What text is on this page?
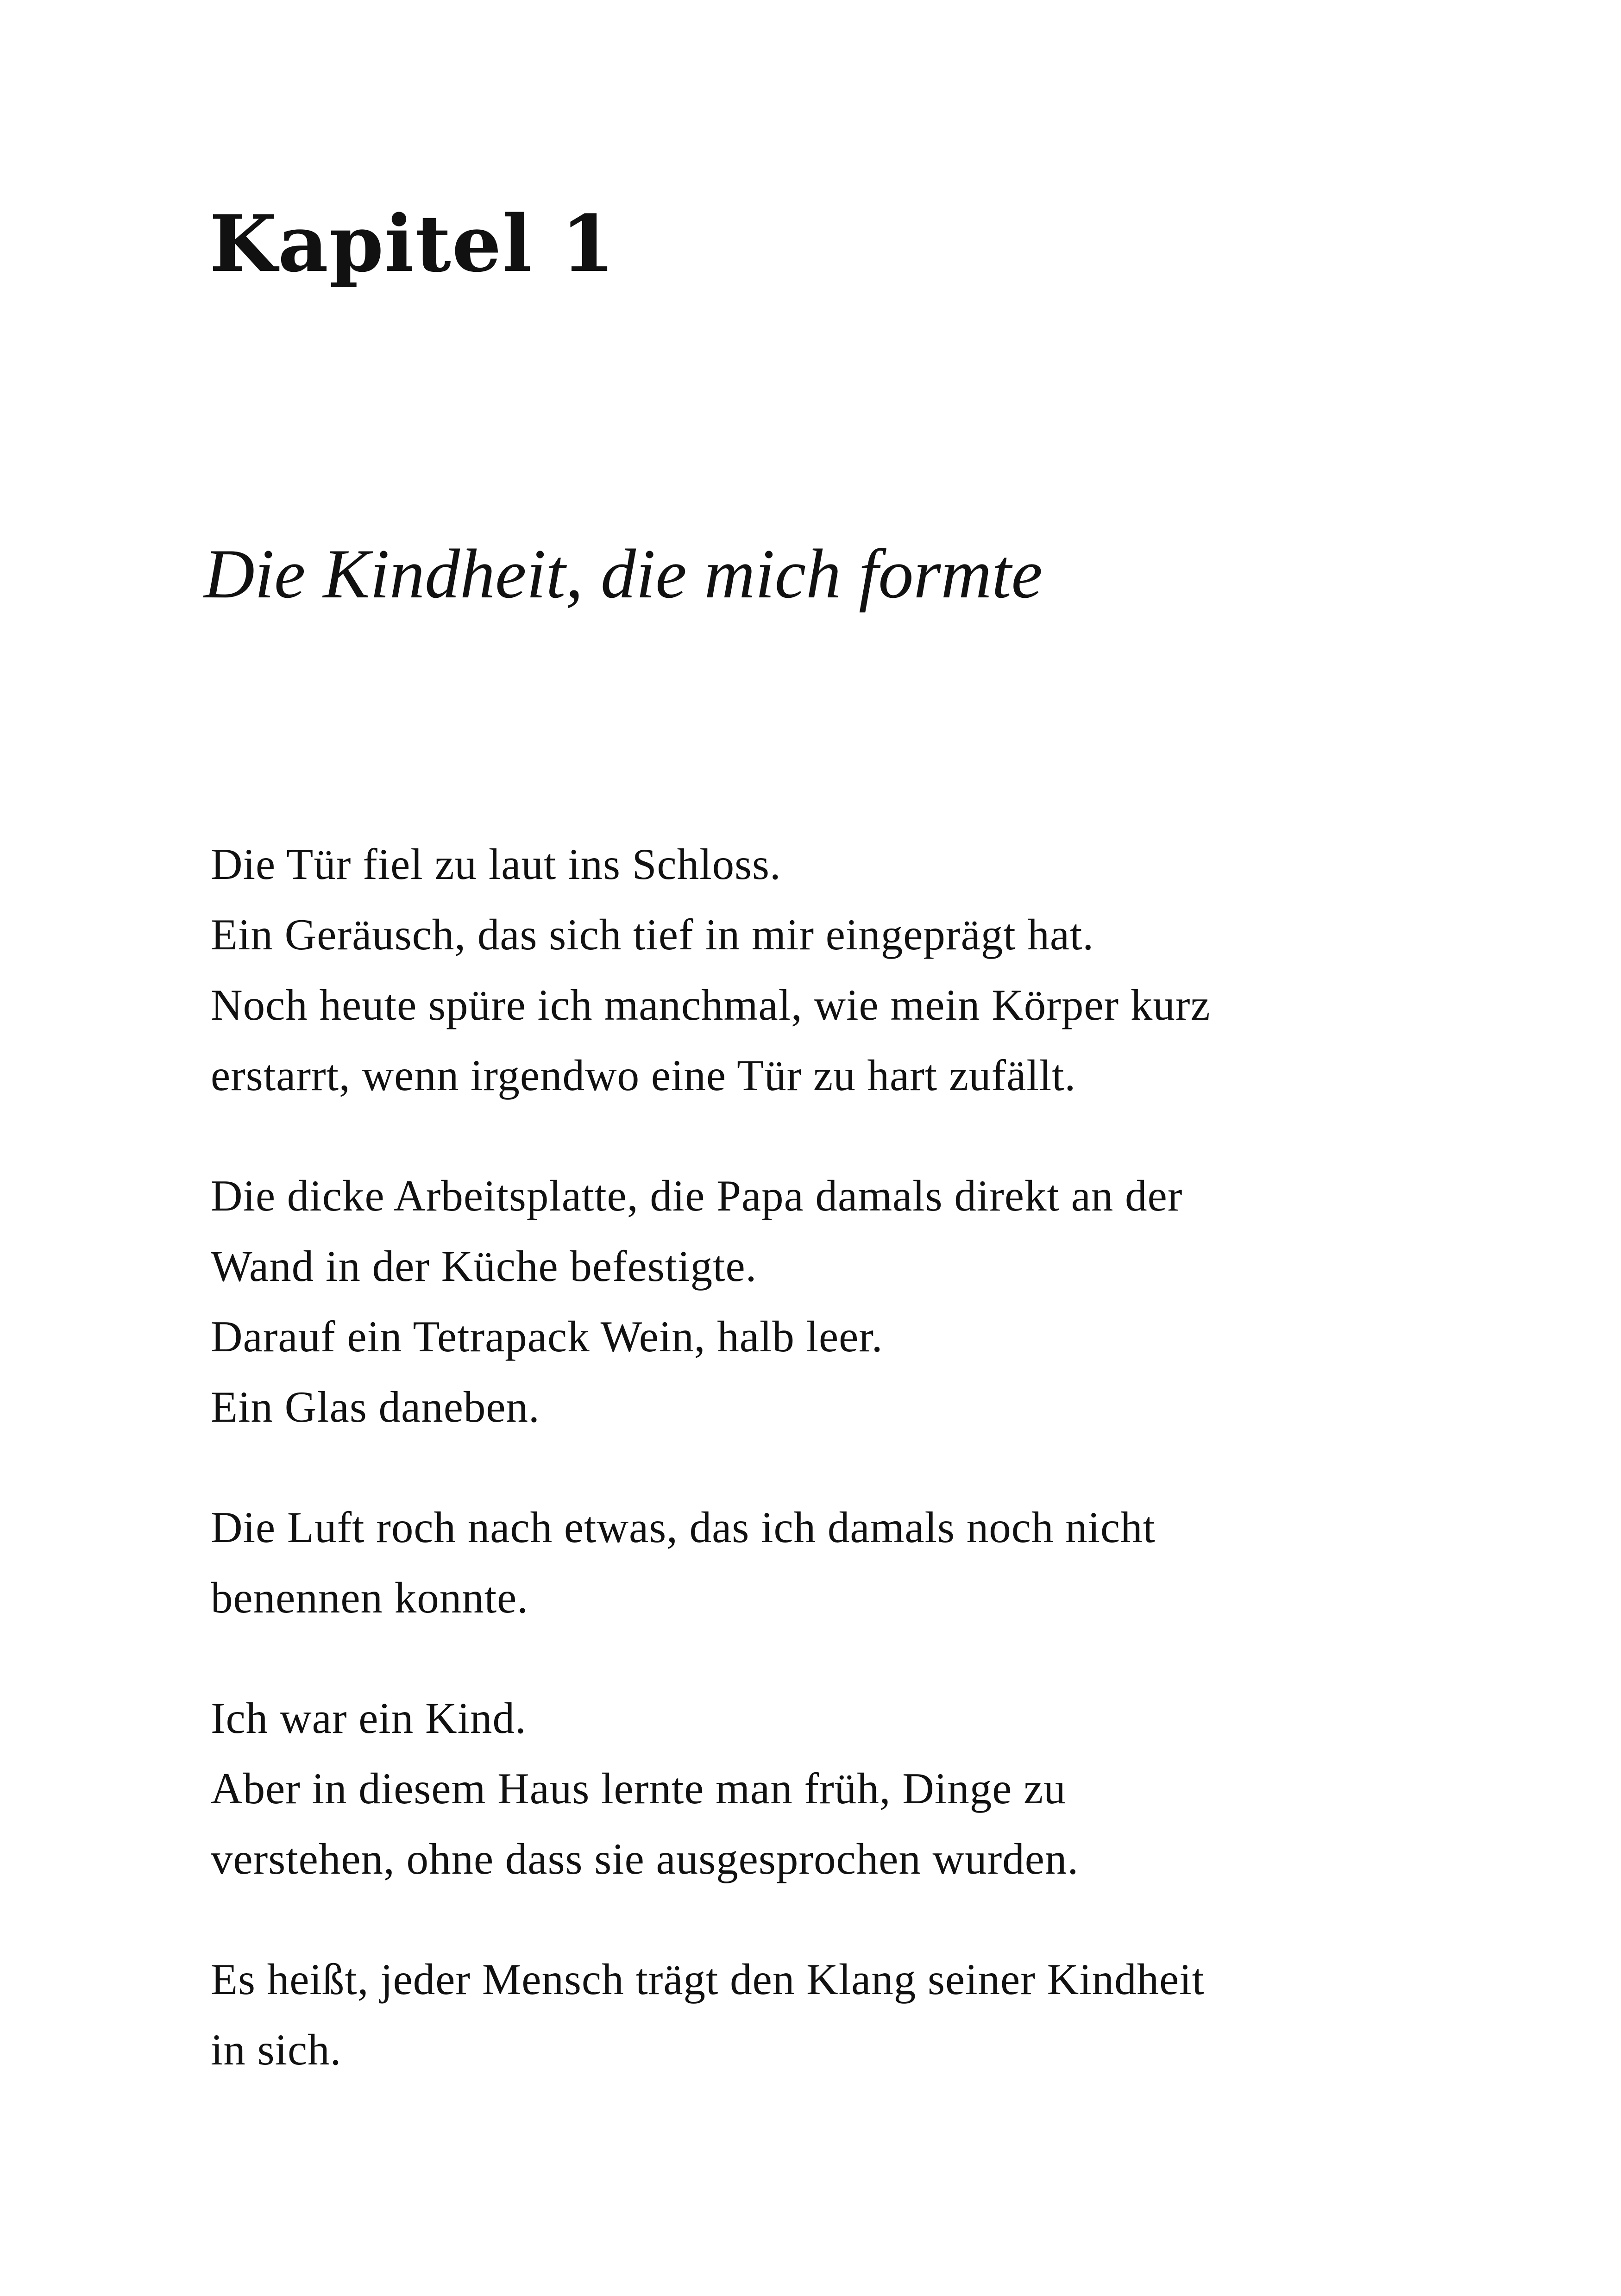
Kapitel 1
Die Kindheit, die mich formte

Die Tür fiel zu laut ins Schloss.
Ein Geräusch, das sich tief in mir eingeprägt hat.
Noch heute spüre ich manchmal, wie mein Körper kurz
erstarrt, wenn irgendwo eine Tür zu hart zufällt.

Die dicke Arbeitsplatte, die Papa damals direkt an der
Wand in der Küche befestigte.
Darauf ein Tetrapack Wein, halb leer.
Ein Glas daneben.

Die Luft roch nach etwas, das ich damals noch nicht
benennen konnte.

Ich war ein Kind.
Aber in diesem Haus lernte man früh, Dinge zu
verstehen, ohne dass sie ausgesprochen wurden.

Es heißt, jeder Mensch trägt den Klang seiner Kindheit
in sich.
